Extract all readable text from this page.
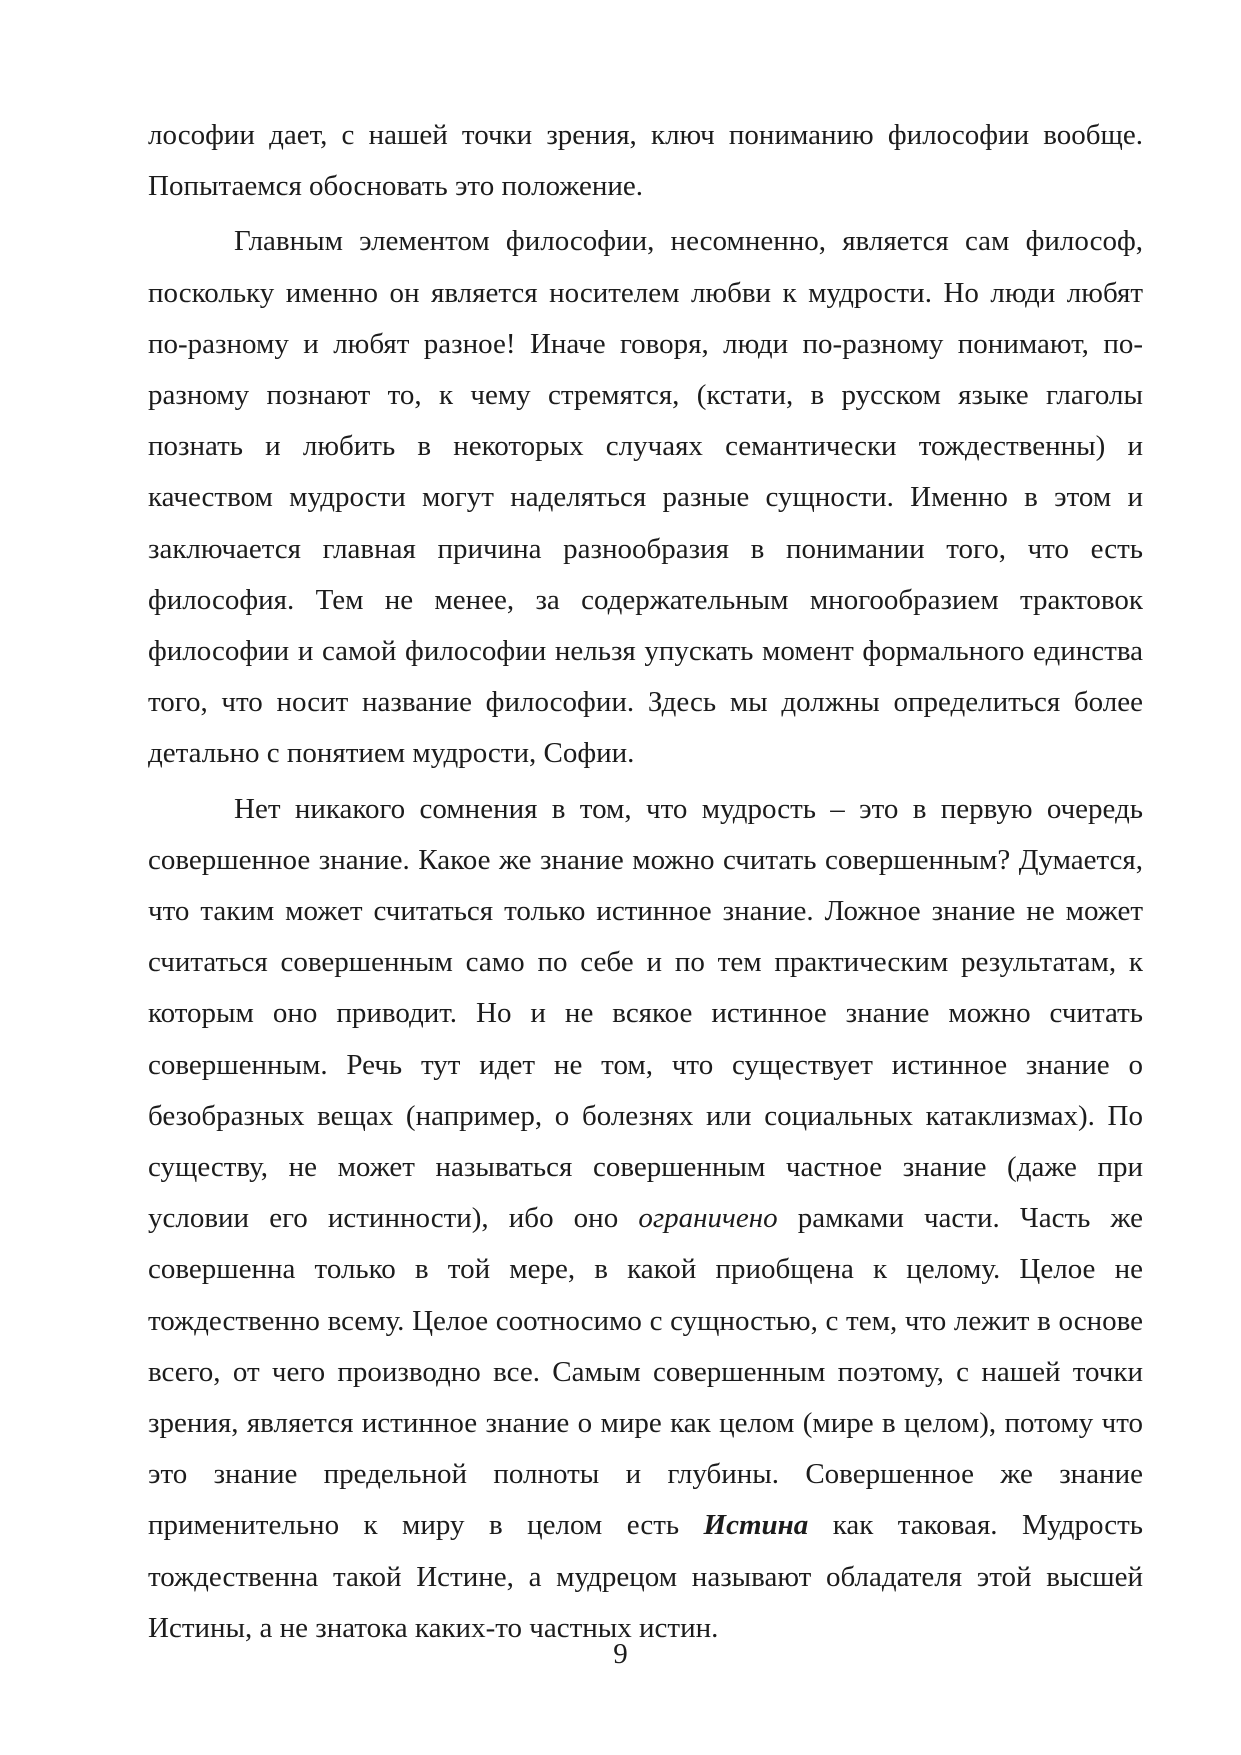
лософии дает, с нашей точки зрения, ключ пониманию философии вообще. Попытаемся обосновать это положение.

Главным элементом философии, несомненно, является сам философ, поскольку именно он является носителем любви к мудрости. Но люди любят по-разному и любят разное! Иначе говоря, люди по-разному понимают, по-разному познают то, к чему стремятся, (кстати, в русском языке глаголы познать и любить в некоторых случаях семантически тождественны) и качеством мудрости могут наделяться разные сущности. Именно в этом и заключается главная причина разнообразия в понимании того, что есть философия. Тем не менее, за содержательным многообразием трактовок философии и самой философии нельзя упускать момент формального единства того, что носит название философии. Здесь мы должны определиться более детально с понятием мудрости, Софии.

Нет никакого сомнения в том, что мудрость – это в первую очередь совершенное знание. Какое же знание можно считать совершенным? Думается, что таким может считаться только истинное знание. Ложное знание не может считаться совершенным само по себе и по тем практическим результатам, к которым оно приводит. Но и не всякое истинное знание можно считать совершенным. Речь тут идет не том, что существует истинное знание о безобразных вещах (например, о болезнях или социальных катаклизмах). По существу, не может называться совершенным частное знание (даже при условии его истинности), ибо оно ограничено рамками части. Часть же совершенна только в той мере, в какой приобщена к целому. Целое не тождественно всему. Целое соотносимо с сущностью, с тем, что лежит в основе всего, от чего производно все. Самым совершенным поэтому, с нашей точки зрения, является истинное знание о мире как целом (мире в целом), потому что это знание предельной полноты и глубины. Совершенное же знание применительно к миру в целом есть Истина как таковая. Мудрость тождественна такой Истине, а мудрецом называют обладателя этой высшей Истины, а не знатока каких-то частных истин.

9
